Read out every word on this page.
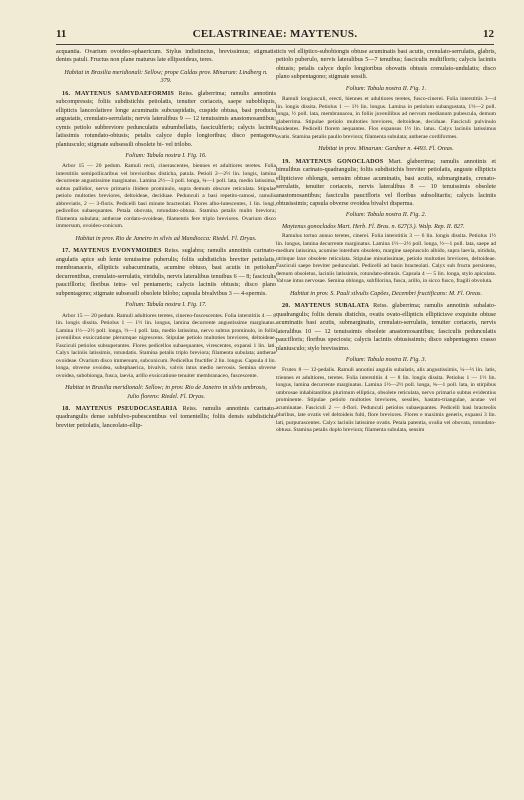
11	CELASTRINEAE: MAYTENUS.	12

acquantia. Ovarium ovoideo-sphaericum. Stylus indistinctus, brevissimus; stigmatis dentes patuli. Fructus non plane maturus late ellipsoideus, teres.

Habitat in Brasilia meridionali: Sellow; prope Caldas prov. Minarum: Lindberg n. 379.

16. MAYTENUS SAMYDAEFORMIS Reiss. glaberrima; ramulis annotinis subcompressis; foliis subdistichis petiolatis, tenuiter coriaceis, saepe subobliquis, ellipticis lanceolatisve longe acuminatis subcuspidatis, cuspide obtusa, basi producta angustatis, crenulato-serrulatis; nervis lateralibus 9 — 12 tenuissimis anastomosantibus; cymis petiolo subbreviore pedunculatis subumbellatis, fasciculiferis; calycis laciniis latissimis rotundato-obtusis; petalis calyce duplo longioribus; disco pentagono planiusculo; stigmate subsessili obsolete bi- vel trilobo.

Folium: Tabula nostra I. Fig. 16.

Arbor 15 — 20 pedum. Ramuli recti, cinerascentes, biennes et adultiores teretes. Folia interstitiis semipollicaribus vel brevioribus disticha, patula. Petioli 2—2½ lin. longis, lamina decurrente angustissime marginatus. Lamina 2½—3 poll. longa, ¾—1 poll. lata, medio latissima, subtus pallidior, nervo primario ibidem prominulo, supra demum obscure reticulata. Stipulae petiolo multoties breviores, deltoideae, deciduae. Pedunculi a basi repetito-ramosi, ramulis abbreviatis, 2 — 3-floris. Pedicelli basi minute bracteolati. Flores albo-lutescentes, 1 lin. longi, pedicellos subaequantes. Petala obovata, rotundato-obtusa. Stamina petalis multo breviora; filamenta subulata; antherae cordato-ovoideae, filamentis fere triplo breviores. Ovarium disco immersum, ovoideo-conicum.

Habitat in prov. Rio de Janeiro in silvis ad Mandiocca: Riedel. Fl. Dryas.

17. MAYTENUS EVONYMOIDES Reiss. suglabra; ramulis annotinis carinato-angulatis apice sub lente tenuissime puberulis; foliis subdistichis breviter petiolatis, membranaceis, ellipticis subacuminatis, acumine obtuso, basi acutis in petiolum decurrentibus, crenulato-serrulatis, viridulis, nervis lateralibus tenuibus 6 — 8; fasciculis pauciflloris; floribus tetra- vel pentameris; calycis laciniis obtusis; disco plano subpentagono; stigmate subsessili obsolete bilobo; capsula bivalvibus 3 — 4-spermis.

Folium: Tabula nostra I. Fig. 17.

Arbor 15 — 20 pedum. Ramuli adultiores teretes, cinereo-fuscescentes. Folia interstitiis 4 — 8 lin. longis dissita. Petiolus 1 — 1½ lin. longus, lamina decurrente angustissime marginatus. Lamina 1½—2½ poll. longa, ⅔—1 poll. lata, medio latissima, nervo subtus prominulo, in foliis juvenilibus exsiccatione plerumque nigrescens. Stipulae petiolo multoties breviores, deltoideae. Fasciculi petiolos subsuperantes. Flores pedicellos subaequantes, virescentes, expansi 1 lin. lati. Calyx laciniis latissimis, rotundatis. Stamina petalis triplo breviora; filamenta subulata; antherae ovoideae. Ovarium disco immersum, subconicum. Pedicellus fructifer 2 lin. longus. Capsula 4 lin. longa, obverse ovoidea, subsphaerica, bivalvis, valvis intus medio nervosis. Semina obverse ovoidea, subobionga, fusca, laevia, arillo exsiccatione tenuiter membranaceo, fuscescente.

Habitat in Brasilia meridionali: Sellow; in prov. Rio de Janeiro in silvis umbrosis, Julio florens: Riedel. Fl. Dryas.

18. MAYTENUS PSEUDOCASEARIA Reiss. ramulis annotinis carinato-quadrangulis dense subfulvo-pubescentibus vel tomentellis; foliis densis subdistichis breviter petiolatis, lanceolato-ellip-

ticis vel elliptico-subobiongis obtuse acuminatis basi acutis, crenulato-serrulatis, glabris, petiolo puberulo, nervis lateralibus 5—7 tenuibus; fasciculis multifloris; calycis laciniis obtusis; petalis calyce duplo longioribus obovatis obtusis crenulato-undulatis; disco plano subpentagono; stigmate sessili.

Folium: Tabula nostra II. Fig. 1.

Ramuli longiusculi, erecti, biennes et adultiores teretes, fusco-cinerei. Folia interstitiis 3—4 lin. longis dissita. Petiolus 1 — 1½ lin. longus. Lamina in petiolum subangustata, 1½—2 poll. longa, ½ poll. lata, membranacea, in foliis juvenilibus ad nervum medianum pubescula, demum glaberrima. Stipulae petiolo multoties breviores, deltoideae, deciduae. Fasciculi pulvinulo insidentes. Pedicelli florem aequantes. Flos expansus 1½ lin. latus. Calyx laciniis latissimus ovatis. Stamina petalis paullo breviora; filamenta subulata; antherae cordiformes.

Habitat in prov. Minarum: Gardner n. 4493. Fl. Oreas.

19. MAYTENUS GONOCLADOS Mart. glaberrima; ramulis annotinis et bimulibus carinato-quadrangulis; foliis subdistichis breviter petiolatis, anguste ellipticis ellipticisve oblongis, semsim obtuse acuminatis, basi acutis, submarginatis, crenato-serrulatis, tenuiter coriaceis, nervis lateralibus 8 — 10 tenuissimis obsolete anastomosantibus; fasciculis paucifloris vel floribus subsolitariis; calycis laciniis obtusissimis; capsula obverse ovoidea bivalvi dispermа.

Folium: Tabula nostra II. Fig. 2.

Maytenus gonoclados Mart. Herb. Fl. Bras. n. 627(3.). Walp. Rep. II. 827.

Ramulus tortuo annuo teretes, cinerei. Folia interstitiis 3 — 6 lin. longis dissita. Petiolus 1½ lin. longus, lamina decurrente marginatus. Lamina 1½—2½ poll. longa, ½—1 poll. lata, saepe ad medium latissima, acumine interdum obsoleto, margine saepiusculo albido, supra laevia, nitidula, utrinque laxe obsolete reticulata. Stipulae minutissimae, petiolo multoties breviores, deltoideae. Fasciculi saepe breviter pedunculati. Pedicelli ad basin bracteolati. Calyx sub fructu persistens, demum obsoletus, laciniis latissimis, rotundato-obtusis. Capsula 4 — 5 lin. longa, stylo apiculata. Valvae intus nervosae. Semina oblonga, subfilorina, fusca, arillo, in sicco fusco, fragili obvoluta.

Habitat in prov. S. Pauli silvulis Capões, Decembri fructificans: M. Fl. Oreas.

20. MAYTENUS SUBALATA Reiss. glaberrima; ramulis annotinis subalato-quadrangulis; foliis densis distichis, ovatis ovato-ellipticis ellipticisve exquisite obtuse acuminatis basi acutis, submarginatis, crenulato-serrulatis, tenuiter coriaceis, nervis lateralibus 10 — 12 tenuissimis obsolete anastomosantibus; fasciculis pedunculatis paucifloris; floribus speciosis; calycis laciniis obtusissimis; disco subpentagono crasso planiusculo; stylo brevissimo.

Folium: Tabula nostra II. Fig. 3.

Frutex 8 — 12-pedalis. Ramuli annotini angulis subalatis, alis angustissimis, ¼—½ lin. latis, triennes et adultiores, teretes. Folia interstitiis 4 — 8 lin. longis dissita. Petiolus 1 — 1½ lin. longus, lamina decurrente marginatus. Lamina 1½—2½ poll. longa, ¾—1 poll. lata, in stirpibus umbrosae inhabitantibus plurimum ellipticа, obsolete reticulata, nervo primario subtus evidentius prominente. Stipulae petiolo multoties breviores, sessiles, hastato-triangulae, acutae vel acuminatae. Fasciculi 2 — 4-flori. Pedunculi petiolos subaequantes. Pedicelli basi bracteolis pluribus, late ovatis vel deltoideis fulti, flore breviores. Flores e maximis generis, expansi 3 lin. lati, purpurascentes. Calyx laciniis latissime ovatis. Petala patentia, ovalia vel obovata, rotundato-obtusa. Stamina petalis duplo breviora; filamenta subulata, sensim
